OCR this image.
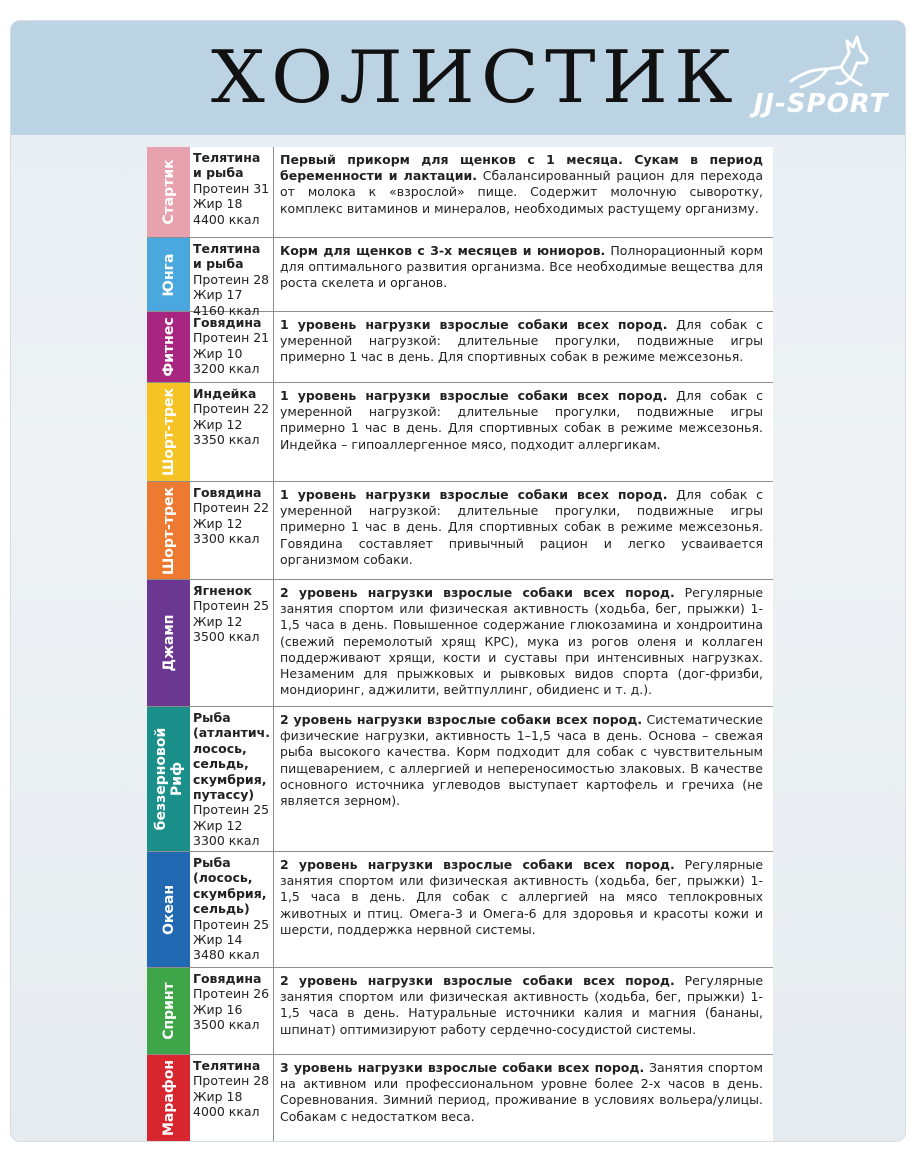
ХОЛИСТИК JJ-SPORT
Стартик
Телятина
и рыба
Протеин 31
Жир 18
4400 ккал
Первый прикорм для щенков с 1 месяца. Сукам в период беременности и лактации. Сбалансированный рацион для перехода от молока к «взрослой» пище. Содержит молочную сыворотку, комплекс витаминов и минералов, необходимых растущему организму.
Юнга
Телятина
и рыба
Протеин 28
Жир 17
4160 ккал
Корм для щенков с 3-х месяцев и юниоров. Полнорационный корм для оптимального развития организма. Все необходимые вещества для роста скелета и органов.
Фитнес Говядина
Протеин 21
Жир 10
3200 ккал
1 уровень нагрузки взрослые собаки всех пород. Для собак с умеренной нагрузкой: длительные прогулки, подвижные игры примерно 1 час в день. Для спортивных собак в режиме межсезонья.
Шорт-трек Индейка
Протеин 22
Жир 12
3350 ккал
1 уровень нагрузки взрослые собаки всех пород. Для собак с умеренной нагрузкой: длительные прогулки, подвижные игры примерно 1 час в день. Для спортивных собак в режиме межсезонья. Индейка – гипоаллергенное мясо, подходит аллергикам.
Шорт-трек Говядина
Протеин 22
Жир 12
3300 ккал
1 уровень нагрузки взрослые собаки всех пород. Для собак с умеренной нагрузкой: длительные прогулки, подвижные игры примерно 1 час в день. Для спортивных собак в режиме межсезонья. Говядина составляет привычный рацион и легко усваивается организмом собаки.
Джамп
Ягненок
Протеин 25
Жир 12
3500 ккал
2 уровень нагрузки взрослые собаки всех пород. Регулярные занятия спортом или физическая активность (ходьба, бег, прыжки) 1-1,5 часа в день. Повышенное содержание глюкозамина и хондроитина (свежий перемолотый хрящ КРС), мука из рогов оленя и коллаген поддерживают хрящи, кости и суставы при интенсивных нагрузках. Незаменим для прыжковых и рывковых видов спорта (дог-фризби, мондиоринг, аджилити, вейтпуллинг, обидиенс и т. д.).
беззерновой
Риф
Рыба
(атлантич.
лосось,
сельдь,
скумбрия,
путассу)
Протеин 25
Жир 12
3300 ккал
2 уровень нагрузки взрослые собаки всех пород. Систематические физические нагрузки, активность 1–1,5 часа в день. Основа – свежая рыба высокого качества. Корм подходит для собак с чувствительным пищеварением, с аллергией и непереносимостью злаковых. В качестве основного источника углеводов выступает картофель и гречиха (не является зерном).
Океан
Рыба
(лосось,
скумбрия,
сельдь)
Протеин 25
Жир 14
3480 ккал
2 уровень нагрузки взрослые собаки всех пород. Регулярные занятия спортом или физическая активность (ходьба, бег, прыжки) 1-1,5 часа в день. Для собак с аллергией на мясо теплокровных животных и птиц. Омега-3 и Омега-6 для здоровья и красоты кожи и шерсти, поддержка нервной системы.
Спринт
Говядина
Протеин 26
Жир 16
3500 ккал
2 уровень нагрузки взрослые собаки всех пород. Регулярные занятия спортом или физическая активность (ходьба, бег, прыжки) 1-1,5 часа в день. Натуральные источники калия и магния (бананы, шпинат) оптимизируют работу сердечно-сосудистой системы.
Марафон Телятина
Протеин 28
Жир 18
4000 ккал
3 уровень нагрузки взрослые собаки всех пород. Занятия спортом на активном или профессиональном уровне более 2-х часов в день. Соревнования. Зимний период, проживание в условиях вольера/улицы. Собакам с недостатком веса.
